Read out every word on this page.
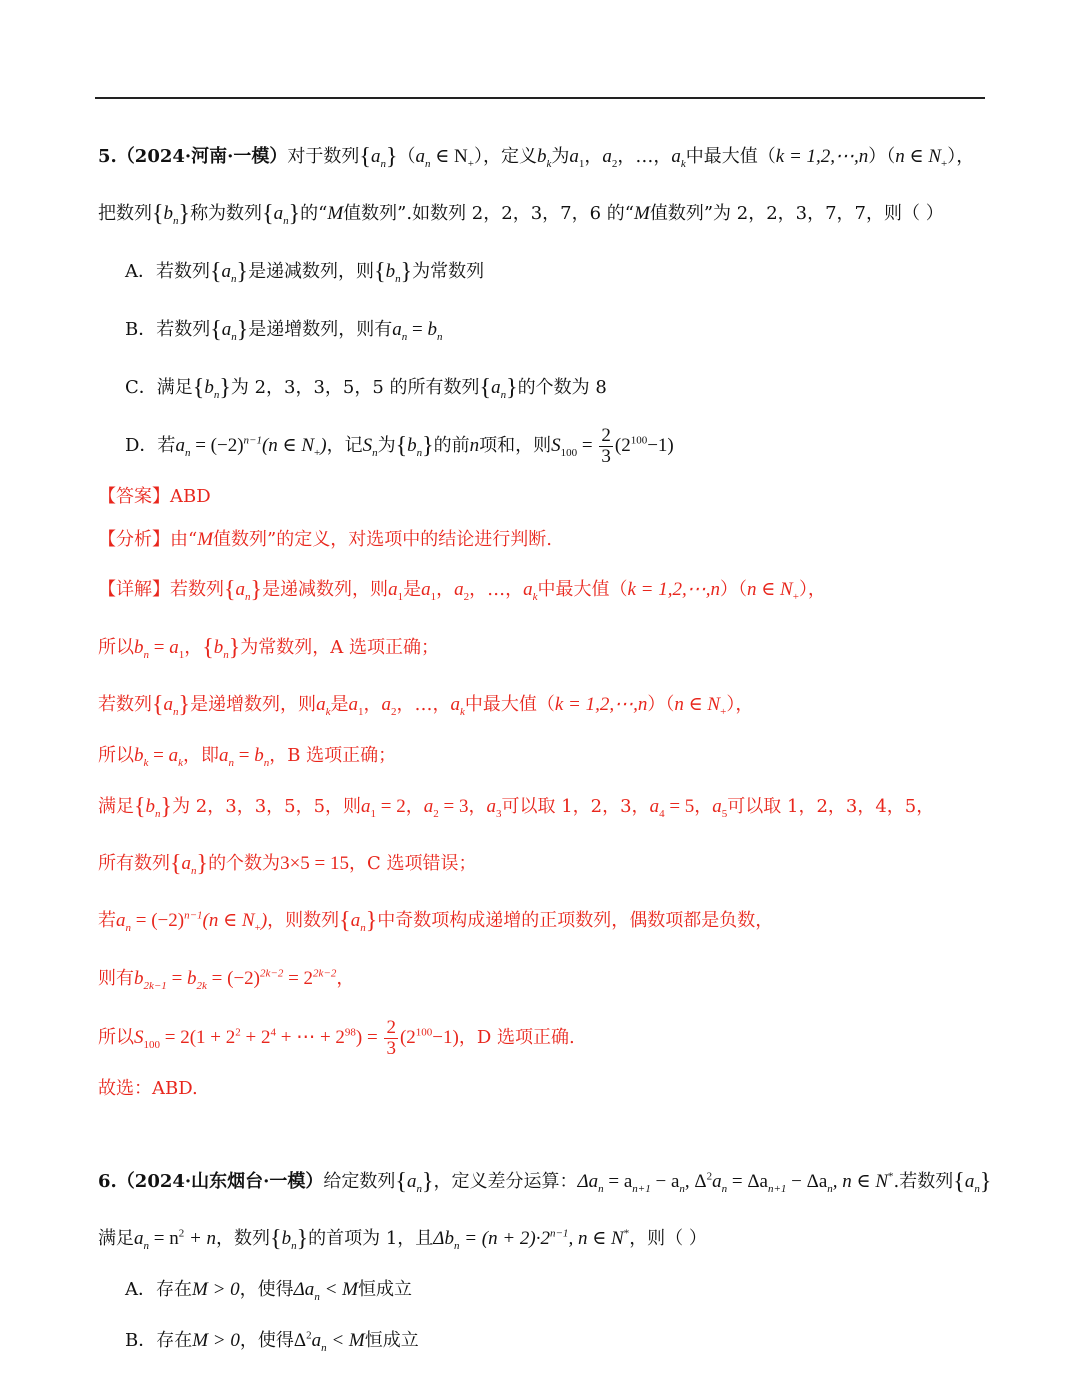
5.（2024·河南·一模）对于数列$\{a_n\}(a_n$ ∈ $N_+$），定义$b_k$为$a_1$，$a_2$，…，$a_k$中最大值（k = 1,2,⋯,n）（n ∈ $N_+$），
把数列$\{b_n\}$称为数列$\{a_n\}$的“M值数列”.如数列 2，2，3，7，6 的“M值数列”为 2，2，3，7，7，则（ ）
A．若数列$\{a_n\}$是递减数列，则$\{b_n\}$为常数列
B．若数列$\{a_n\}$是递增数列，则有$a_n = b_n$
C．满足$\{b_n\}$为 2，3，3，5，5 的所有数列$\{a_n\}$的个数为 8
D．若$a_n = (-2)^{n-1}(n$ ∈ $N_+$)，记$S_n$为$\{b_n\}$的前n项和，则$S_{100} = \frac{2}{3} (2^{100}-1)$
【答案】ABD
【分析】由“M值数列”的定义，对选项中的结论进行判断.
【详解】若数列$\{a_n\}$是递减数列，则$a_1$是$a_1$，$a_2$，…，$a_k$中最大值（k = 1,2,⋯,n）（n ∈ $N_+$），
所以$b_n = a_1$，$\{b_n\}$为常数列，A 选项正确；
若数列$\{a_n\}$是递增数列，则$a_k$是$a_1$，$a_2$，…，$a_k$中最大值（k = 1,2,⋯,n）（n ∈ $N_+$），
所以$b_k = a_k$，即$a_n = b_n$，B 选项正确；
满足$\{b_n\}$为 2，3，3，5，5，则$a_1 = 2$，$a_2 = 3$，$a_3$可以取 1，2，3，$a_4 = 5$，$a_5$可以取 1，2，3，4，5，
所有数列$\{a_n\}$的个数为3×5 = 15，C 选项错误；
若$a_n = (-2)^{n-1}(n$ ∈ $N_+$)，则数列$\{a_n\}$中奇数项构成递增的正项数列，偶数项都是负数，
则有$b_{2k-1} = b_{2k} = (-2)^{2k-2} = 2^{2k-2}$，
所以$S_{100} = 2(1 + 2^2 + 2^4$ + ⋯ + $2^{98}) = \frac{2}{3} (2^{100}-1)$，D 选项正确.
故选：ABD.
6.（2024·山东烟台·一模）给定数列$\{a_n\}$，定义差分运算：$\Delta a_n = a_{n+1} - a_n$, $\Delta^2a_n = \Delta a_{n+1} - \Delta a_n$, n ∈ N*.若数列$\{a_n\}$
满足$a_n = n^2 + n$，数列$\{b_n\}$的首项为 1，且$\Delta b_n = (n + 2)\cdot 2^{n-1}$, n ∈ N*，则（ ）
A．存在M > 0，使得$\Delta a_n < M$恒成立
B．存在M > 0，使得$\Delta^2a_n < M$恒成立
